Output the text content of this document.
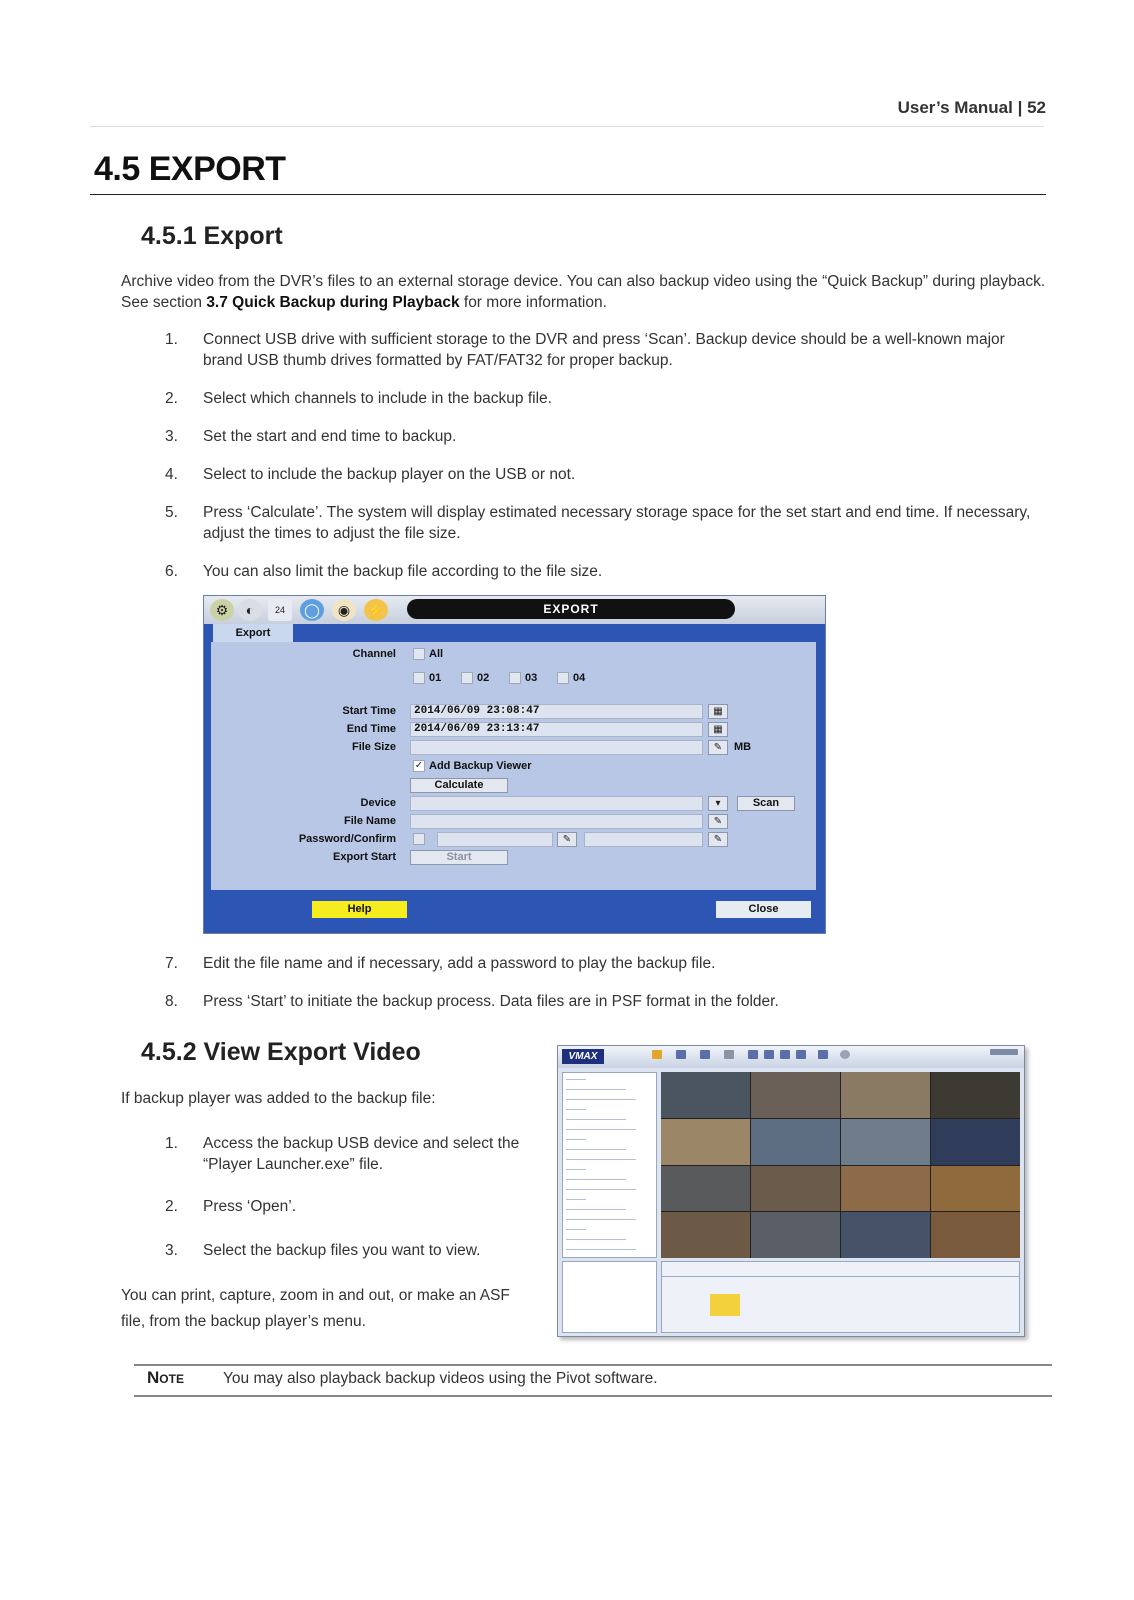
User’s Manual | 52
4.5 EXPORT
4.5.1 Export
Archive video from the DVR’s files to an external storage device. You can also backup video using the “Quick Backup” during playback. See section 3.7 Quick Backup during Playback for more information.
1.	Connect USB drive with sufficient storage to the DVR and press ‘Scan’. Backup device should be a well-known major brand USB thumb drives formatted by FAT/FAT32 for proper backup.
2.	Select which channels to include in the backup file.
3.	Set the start and end time to backup.
4.	Select to include the backup player on the USB or not.
5.	Press ‘Calculate’. The system will display estimated necessary storage space for the set start and end time. If necessary, adjust the times to adjust the file size.
6.	You can also limit the backup file according to the file size.
⚙	◐	24	◯	◉	⚡	EXPORT
Export
Channel	All
01	02	03	04
Start Time	2014/06/09 23:08:47	▦
End Time	2014/06/09 23:13:47	▦
File Size	✎	MB
✓ Add Backup Viewer
Calculate
Device	▾	Scan
File Name	✎
Password/Confirm	✎	✎
Export Start	Start
Help	Close
7.	Edit the file name and if necessary, add a password to play the backup file.
8.	Press ‘Start’ to initiate the backup process. Data files are in PSF format in the folder.
4.5.2 View Export Video
If backup player was added to the backup file:
1.	Access the backup USB device and select the “Player Launcher.exe” file.
2.	Press ‘Open’.
3.	Select the backup files you want to view.
You can print, capture, zoom in and out, or make an ASF file, from the backup player’s menu.
VMAX
Note	You may also playback backup videos using the Pivot software.
